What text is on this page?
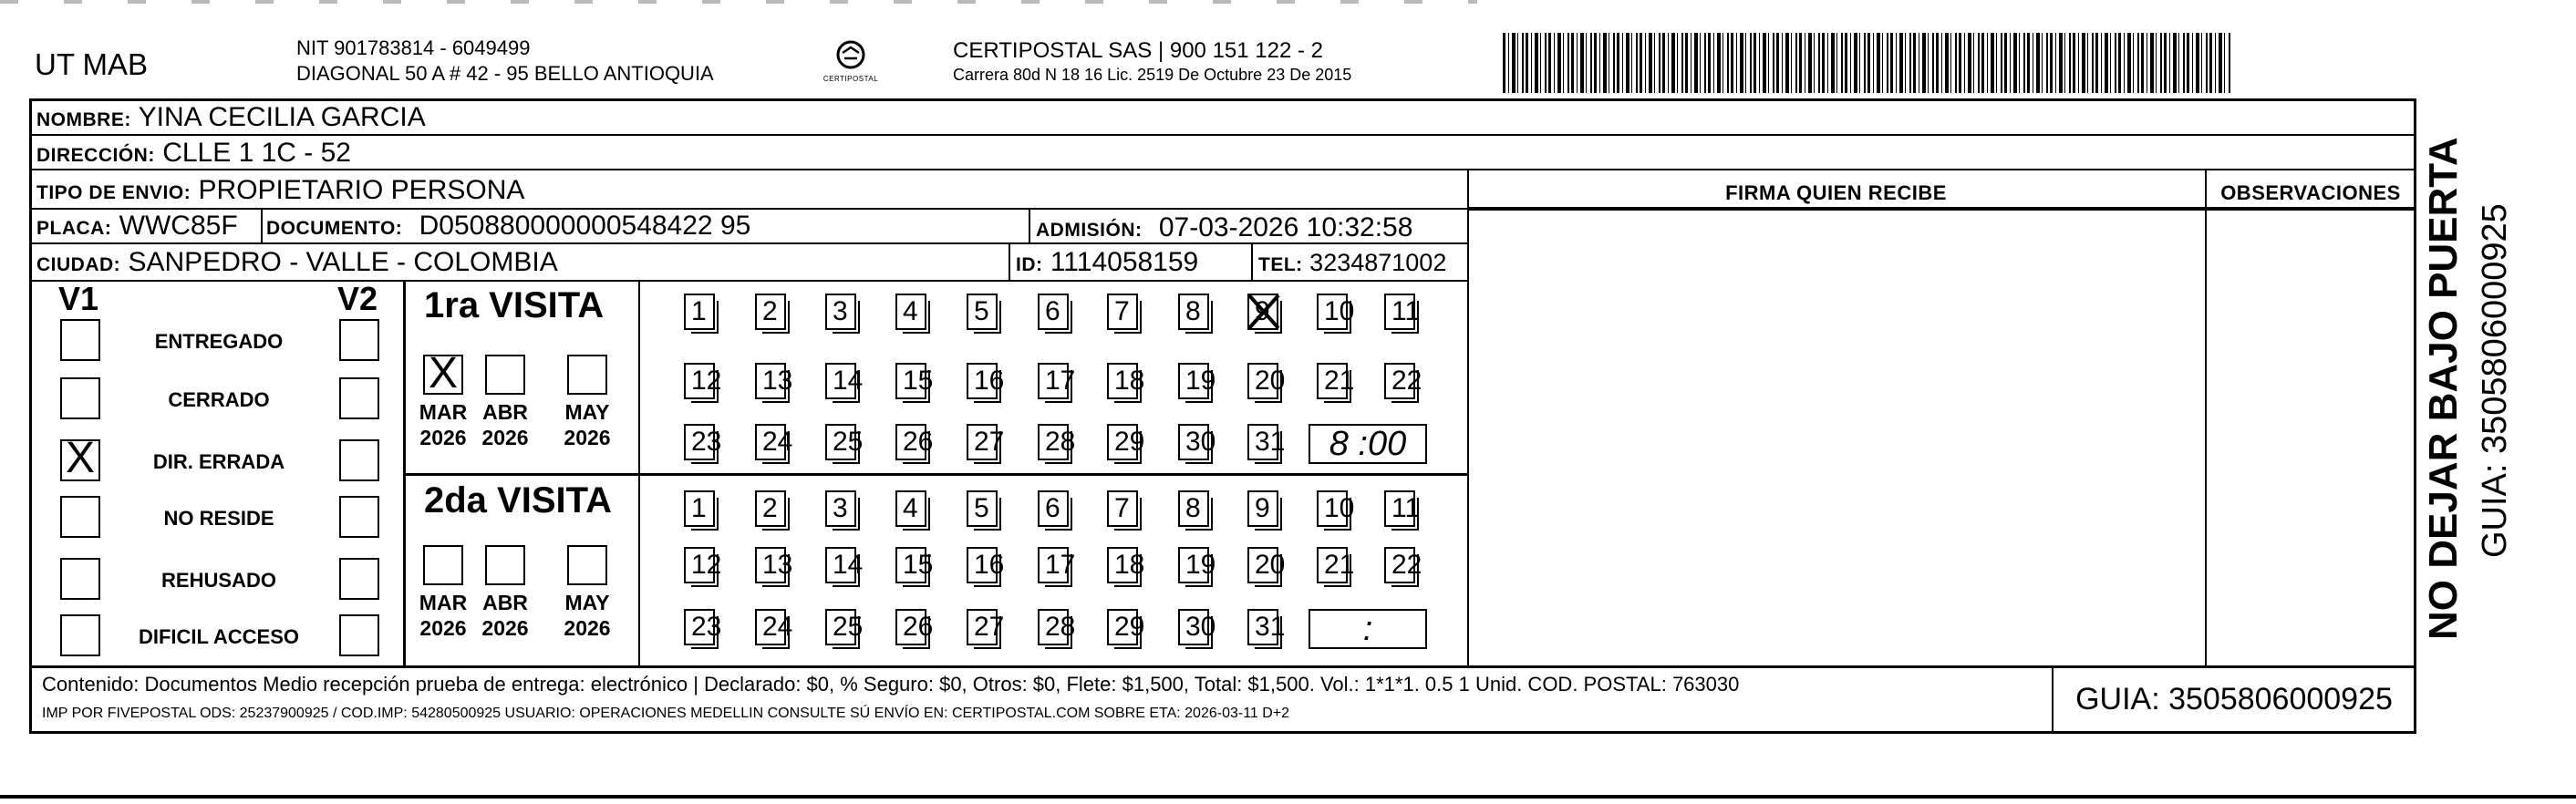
UT MAB	NIT 901783814 - 6049499
DIAGONAL 50 A # 42 - 95 BELLO ANTIOQUIA	CERTIPOSTAL
CERTIPOSTAL SAS | 900 151 122 - 2
Carrera 80d N 18 16 Lic. 2519 De Octubre 23 De 2015
NOMBRE: YINA CECILIA GARCIA
DIRECCIÓN: CLLE 1 1C - 52
TIPO DE ENVIO: PROPIETARIO PERSONA
PLACA: WWC85F DOCUMENTO: D050880000000548422 95	ADMISIÓN: 07-03-2026 10:32:58
CIUDAD: SANPEDRO - VALLE - COLOMBIA	ID: 1114058159	TEL: 3234871002
FIRMA QUIEN RECIBE	OBSERVACIONES
V1	V2
ENTREGADO
CERRADO
X	DIR. ERRADA
NO RESIDE
REHUSADO
DIFICIL ACCESO
1ra VISITA
X
MAR
2026
ABR
2026
MAY
2026
1	2	3	4	5	6	7	8	9	10 11
12 13 14 15 16 17 18 19 20 21 22
23 24 25 26 27 28 29 30 31	8 :00
2da VISITA
MAR
2026
ABR
2026
MAY
2026
1	2	3	4	5	6	7	8	9	10 11
12 13 14 15 16 17 18 19 20 21 22
23 24 25 26 27 28 29 30 31	:
Contenido: Documentos Medio recepción prueba de entrega: electrónico | Declarado: $0, % Seguro: $0, Otros: $0, Flete: $1,500, Total: $1,500. Vol.: 1*1*1. 0.5 1 Unid. COD. POSTAL: 763030
IMP POR FIVEPOSTAL ODS: 25237900925 / COD.IMP: 54280500925 USUARIO: OPERACIONES MEDELLIN CONSULTE SÚ ENVÍO EN: CERTIPOSTAL.COM SOBRE ETA: 2026-03-11 D+2	GUIA: 3505806000925
NO DEJAR BAJO PUERTA GUIA: 3505806000925
